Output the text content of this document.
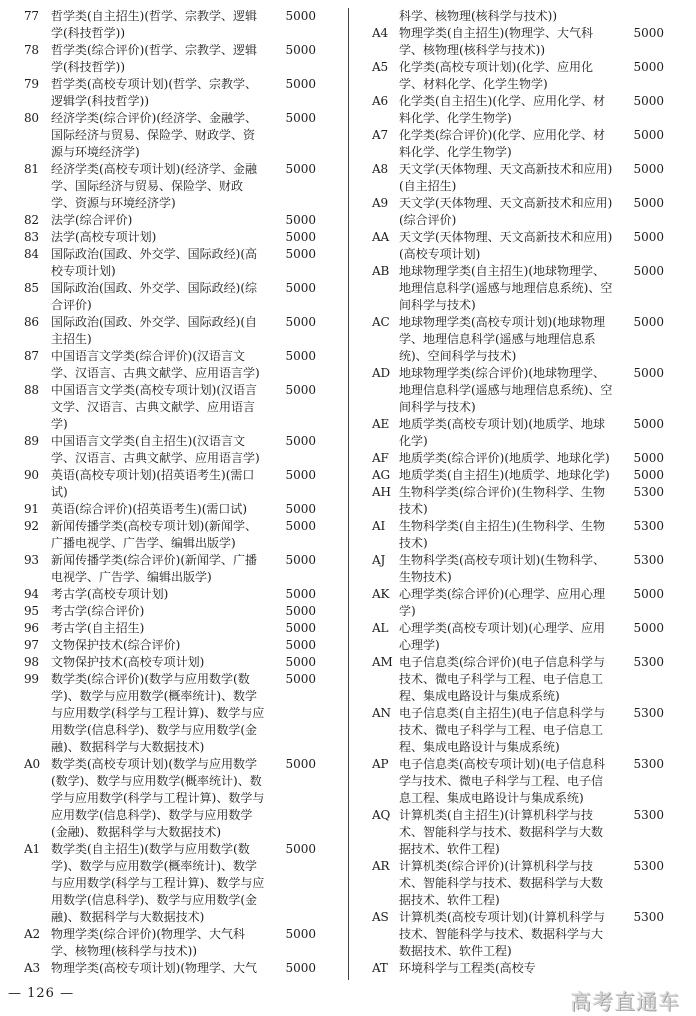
77	哲学类(自主招生)(哲学、宗教学、逻辑学(科技哲学))
5000
78	哲学类(综合评价)(哲学、宗教学、逻辑学(科技哲学))
5000
79	哲学类(高校专项计划)(哲学、宗教学、逻辑学(科技哲学))
5000
80	经济学类(综合评价)(经济学、金融学、国际经济与贸易、保险学、财政学、资源与环境经济学)
5000
81	经济学类(高校专项计划)(经济学、金融学、国际经济与贸易、保险学、财政学、资源与环境经济学)
5000
82	法学(综合评价)	5000
83	法学(高校专项计划)	5000
84	国际政治(国政、外交学、国际政经)(高校专项计划)
5000
85	国际政治(国政、外交学、国际政经)(综合评价)
5000
86	国际政治(国政、外交学、国际政经)(自主招生)
5000
87	中国语言文学类(综合评价)(汉语言文学、汉语言、古典文献学、应用语言学)
5000
88	中国语言文学类(高校专项计划)(汉语言文学、汉语言、古典文献学、应用语言学)
5000
89	中国语言文学类(自主招生)(汉语言文学、汉语言、古典文献学、应用语言学)
5000
90	英语(高校专项计划)(招英语考生)(需口试)
5000
91	英语(综合评价)(招英语考生)(需口试)	5000
92	新闻传播学类(高校专项计划)(新闻学、广播电视学、广告学、编辑出版学)
5000
93	新闻传播学类(综合评价)(新闻学、广播电视学、广告学、编辑出版学)
5000
94	考古学(高校专项计划)	5000
95	考古学(综合评价)	5000
96	考古学(自主招生)	5000
97	文物保护技术(综合评价)	5000
98	文物保护技术(高校专项计划)	5000
99	数学类(综合评价)(数学与应用数学(数学)、数学与应用数学(概率统计)、数学与应用数学(科学与工程计算)、数学与应用数学(信息科学)、数学与应用数学(金融)、数据科学与大数据技术)
5000
A0 数学类(高校专项计划)(数学与应用数学(数学)、数学与应用数学(概率统计)、数学与应用数学(科学与工程计算)、数学与应用数学(信息科学)、数学与应用数学(金融)、数据科学与大数据技术)
5000
A1 数学类(自主招生)(数学与应用数学(数学)、数学与应用数学(概率统计)、数学与应用数学(科学与工程计算)、数学与应用数学(信息科学)、数学与应用数学(金融)、数据科学与大数据技术)
5000
A2 物理学类(综合评价)(物理学、大气科学、核物理(核科学与技术))
5000
A3 物理学类(高校专项计划)(物理学、大气	5000
科学、核物理(核科学与技术))
A4 物理学类(自主招生)(物理学、大气科学、核物理(核科学与技术))
5000
A5 化学类(高校专项计划)(化学、应用化学、材料化学、化学生物学)
5000
A6 化学类(自主招生)(化学、应用化学、材料化学、化学生物学)
5000
A7 化学类(综合评价)(化学、应用化学、材料化学、化学生物学)
5000
A8 天文学(天体物理、天文高新技术和应用)(自主招生)
5000
A9 天文学(天体物理、天文高新技术和应用)(综合评价)
5000
AA 天文学(天体物理、天文高新技术和应用)(高校专项计划)
5000
AB 地球物理学类(自主招生)(地球物理学、地理信息科学(遥感与地理信息系统)、空间科学与技术)
5000
AC 地球物理学类(高校专项计划)(地球物理学、地理信息科学(遥感与地理信息系统)、空间科学与技术)
5000
AD 地球物理学类(综合评价)(地球物理学、地理信息科学(遥感与地理信息系统)、空间科学与技术)
5000
AE 地质学类(高校专项计划)(地质学、地球化学)
5000
AF 地质学类(综合评价)(地质学、地球化学)	5000
AG 地质学类(自主招生)(地质学、地球化学)	5000
AH 生物科学类(综合评价)(生物科学、生物技术)
5300
AI	生物科学类(自主招生)(生物科学、生物技术)
5300
AJ	生物科学类(高校专项计划)(生物科学、生物技术)
5300
AK 心理学类(综合评价)(心理学、应用心理学)
5000
AL 心理学类(高校专项计划)(心理学、应用心理学)
5000
AM 电子信息类(综合评价)(电子信息科学与技术、微电子科学与工程、电子信息工程、集成电路设计与集成系统)
5300
AN 电子信息类(自主招生)(电子信息科学与技术、微电子科学与工程、电子信息工程、集成电路设计与集成系统)
5300
AP 电子信息类(高校专项计划)(电子信息科学与技术、微电子科学与工程、电子信息工程、集成电路设计与集成系统)
5300
AQ 计算机类(自主招生)(计算机科学与技术、智能科学与技术、数据科学与大数据技术、软件工程)
5300
AR 计算机类(综合评价)(计算机科学与技术、智能科学与技术、数据科学与大数据技术、软件工程)
5300
AS 计算机类(高校专项计划)(计算机科学与技术、智能科学与技术、数据科学与大数据技术、软件工程)
5300
AT 环境科学与工程类(高校专
— 126 —	高考直通车
